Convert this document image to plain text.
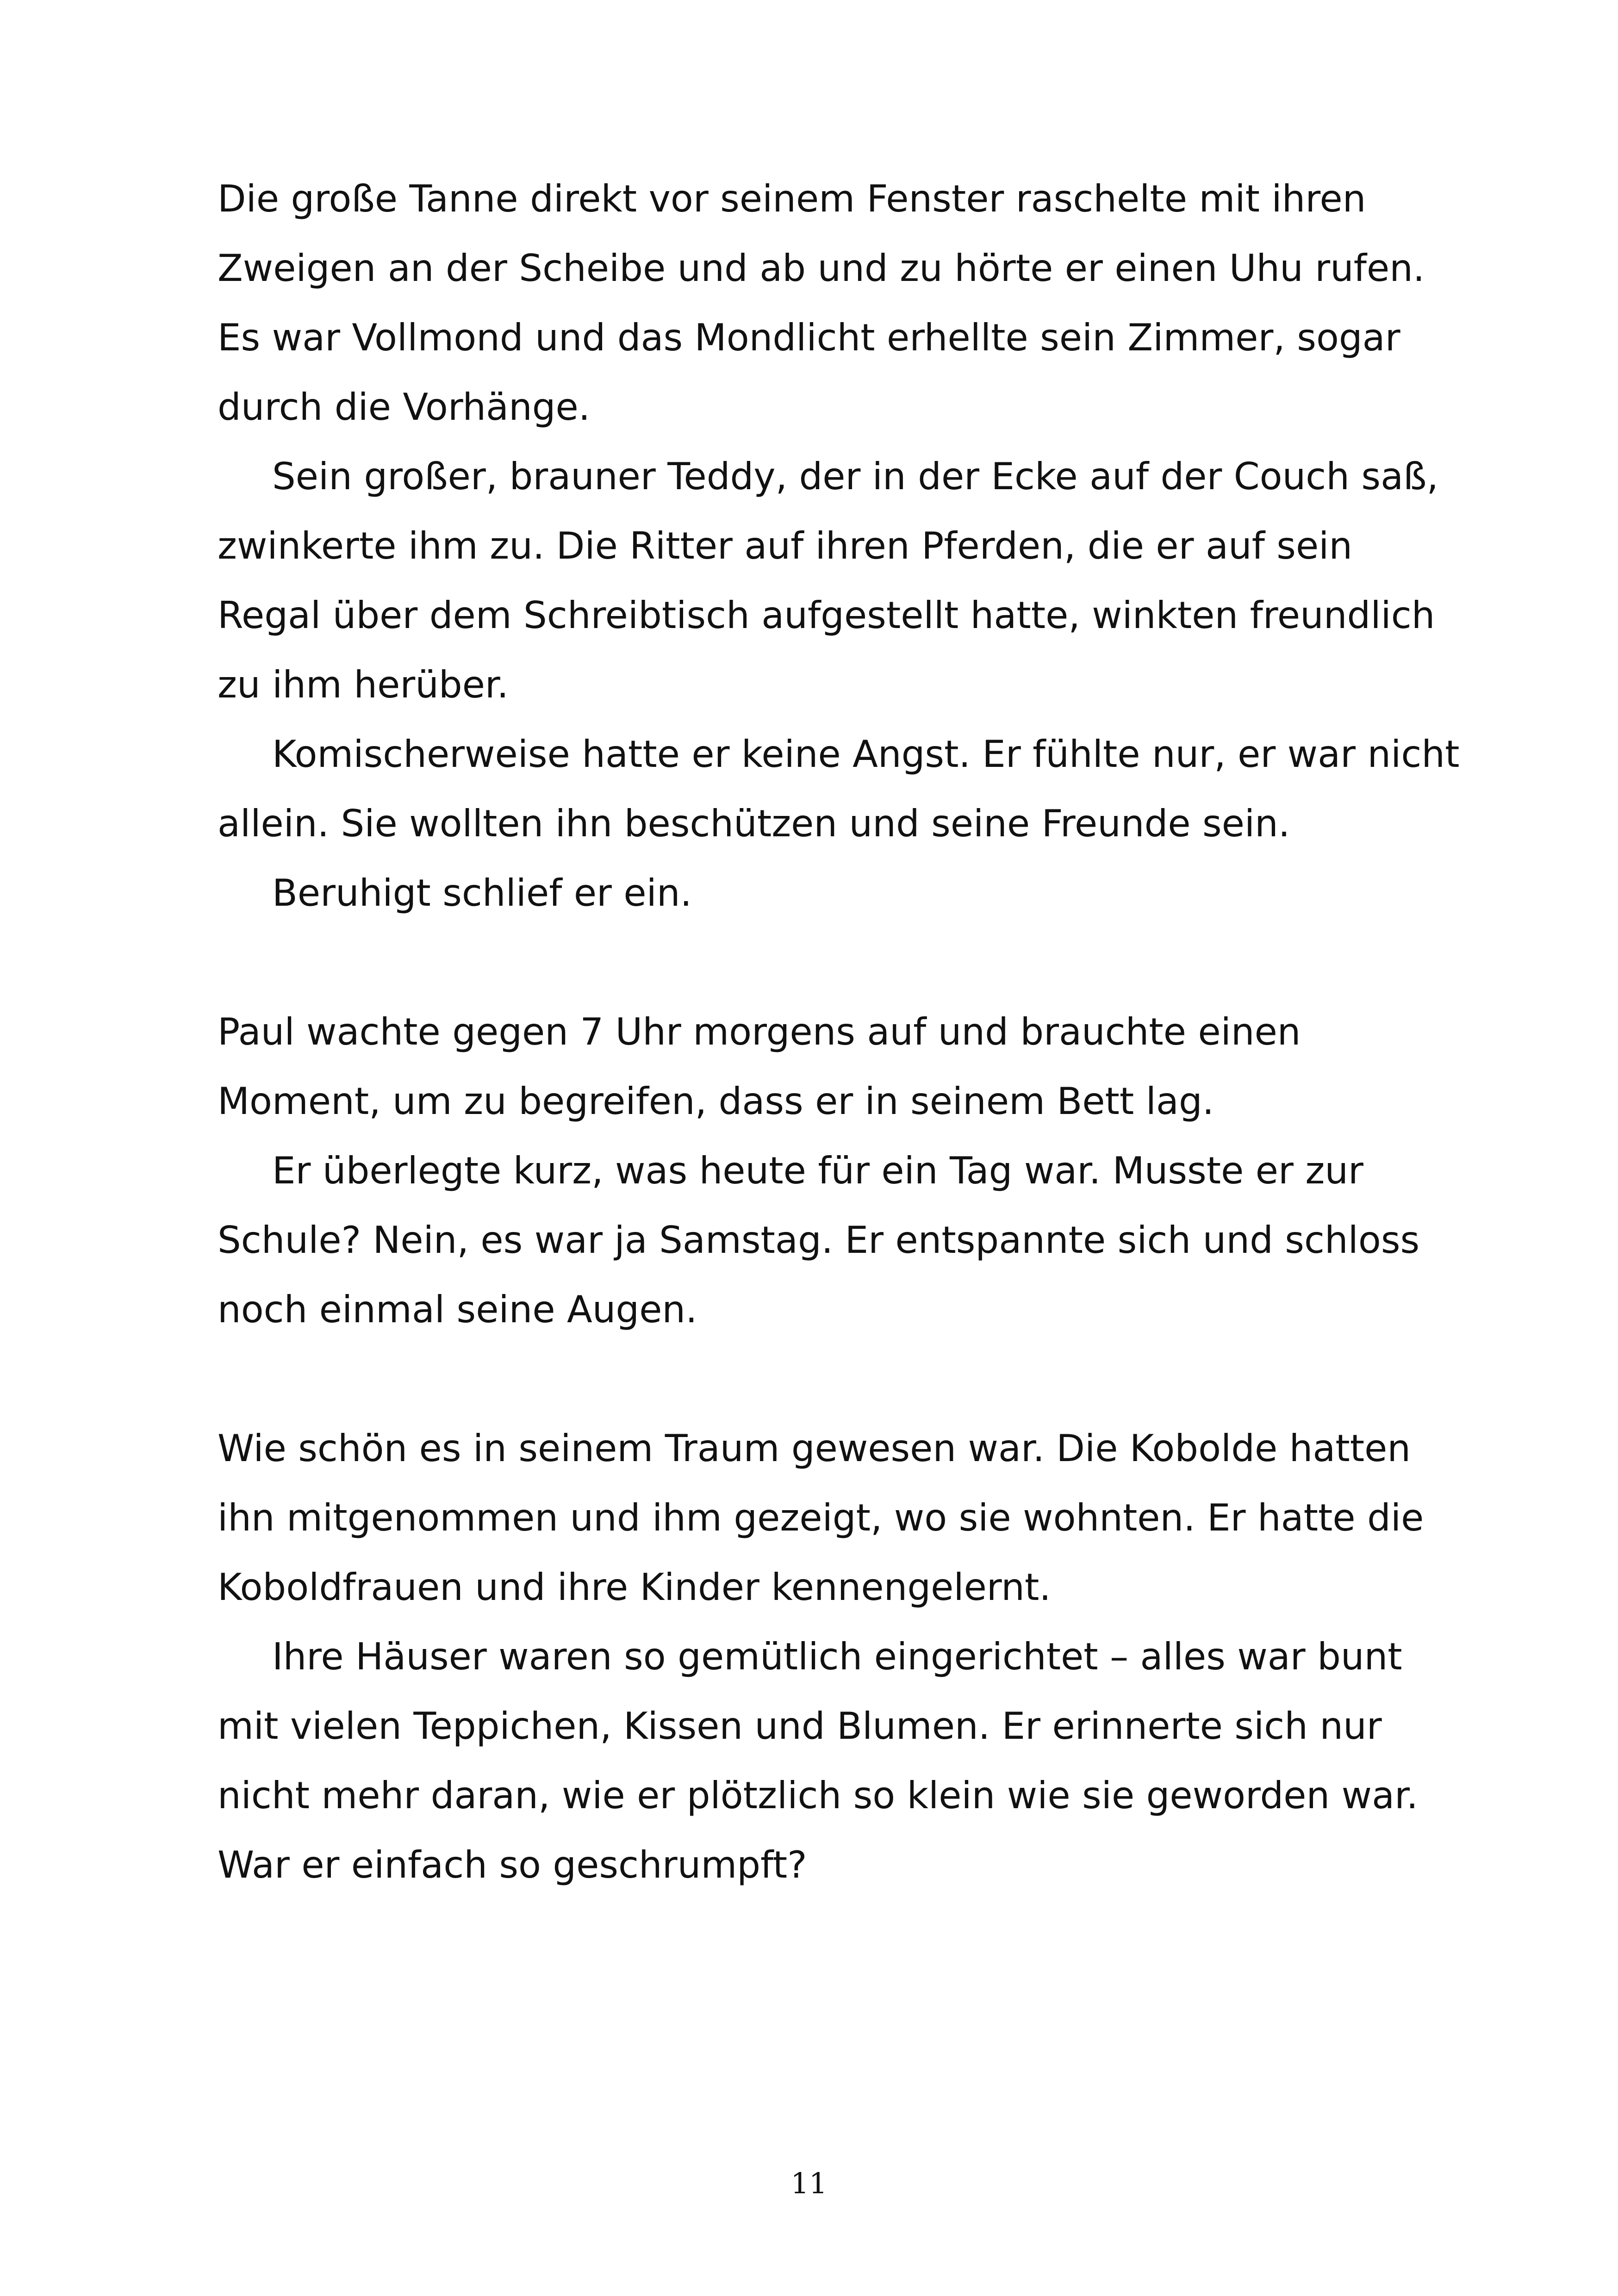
Die große Tanne direkt vor seinem Fenster raschelte mit ihren Zweigen an der Scheibe und ab und zu hörte er einen Uhu rufen. Es war Vollmond und das Mondlicht erhellte sein Zimmer, sogar durch die Vorhänge.

Sein großer, brauner Teddy, der in der Ecke auf der Couch saß, zwinkerte ihm zu. Die Ritter auf ihren Pferden, die er auf sein Regal über dem Schreibtisch aufgestellt hatte, winkten freundlich zu ihm herüber.

Komischerweise hatte er keine Angst. Er fühlte nur, er war nicht allein. Sie wollten ihn beschützen und seine Freunde sein.

Beruhigt schlief er ein.

Paul wachte gegen 7 Uhr morgens auf und brauchte einen Moment, um zu begreifen, dass er in seinem Bett lag.

Er überlegte kurz, was heute für ein Tag war. Musste er zur Schule? Nein, es war ja Samstag. Er entspannte sich und schloss noch einmal seine Augen.

Wie schön es in seinem Traum gewesen war. Die Kobolde hatten ihn mitgenommen und ihm gezeigt, wo sie wohnten. Er hatte die Koboldfrauen und ihre Kinder kennengelernt.

Ihre Häuser waren so gemütlich eingerichtet – alles war bunt mit vielen Teppichen, Kissen und Blumen. Er erinnerte sich nur nicht mehr daran, wie er plötzlich so klein wie sie geworden war. War er einfach so geschrumpft?

11
